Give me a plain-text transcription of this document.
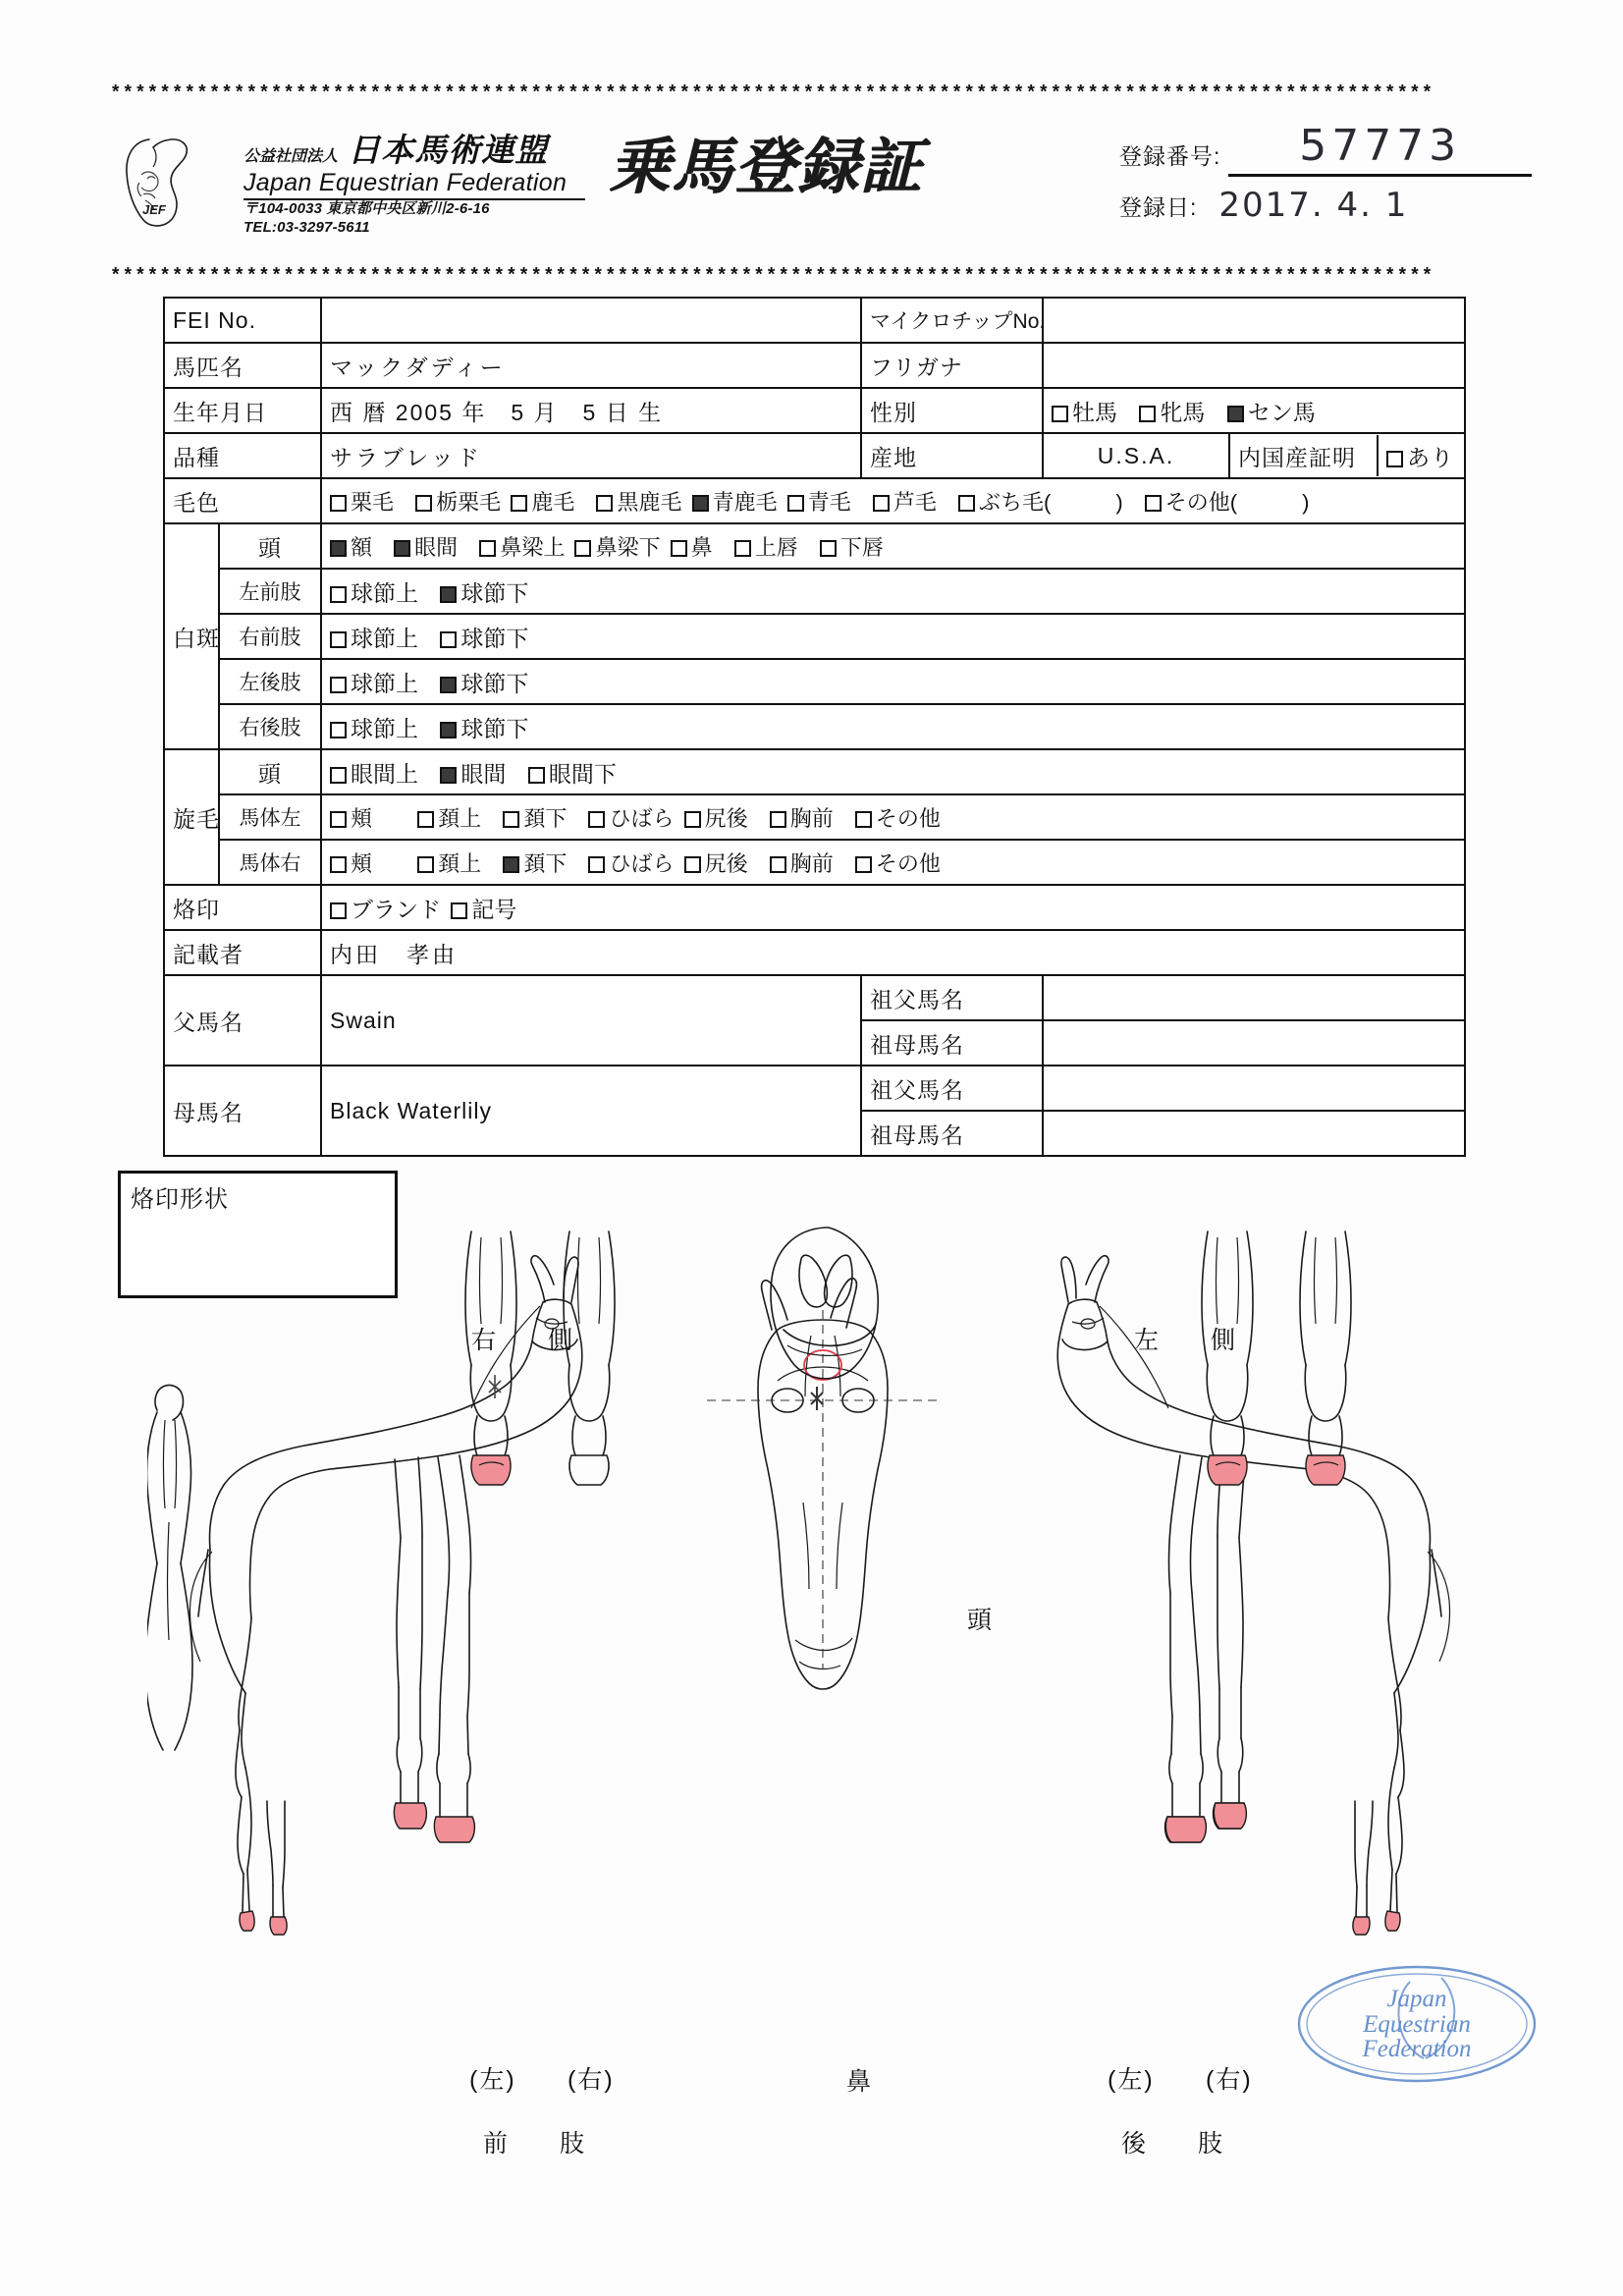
***********************************************************************************************************
***********************************************************************************************************
JEF
公益社団法人 日本馬術連盟
Japan Equestrian Federation
〒104-0033 東京都中央区新川2-6-16
TEL:03-3297-5611
乗馬登録証	登録番号:	57773
登録日: 2017. 4. 1
FEI No.		マイクロチップNo.	
馬匹名	マックダディー	フリガナ	
生年月日	西 暦 2005 年　5 月　5 日 生	性別	牡馬 牝馬 セン馬
品種	サラブレッド	産地	U.S.A.		内国産証明	あり

毛色	栗毛 栃栗毛 鹿毛 黒鹿毛 青鹿毛 青毛 芦毛 ぶち毛(　　　) その他(　　　)
白斑	頭	額 眼間 鼻梁上 鼻梁下 鼻 上唇 下唇
左前肢	球節上 球節下
右前肢	球節上 球節下
左後肢	球節上 球節下
右後肢	球節上 球節下
旋毛	頭	眼間上 眼間 眼間下
馬体左	頬	頚上 頚下 ひばら 尻後 胸前 その他
馬体右	頬	頚上 頚下 ひばら 尻後 胸前 その他
烙印	ブランド 記号
記載者	内田　孝由
父馬名	Swain	祖父馬名	
祖母馬名	
母馬名	Black Waterlily	祖父馬名	
祖母馬名	
烙印形状
右　側	左　側
頭
鼻
(左) (右)
前　肢
(左) (右)
後　肢
Japan
Equestrian
Federation
